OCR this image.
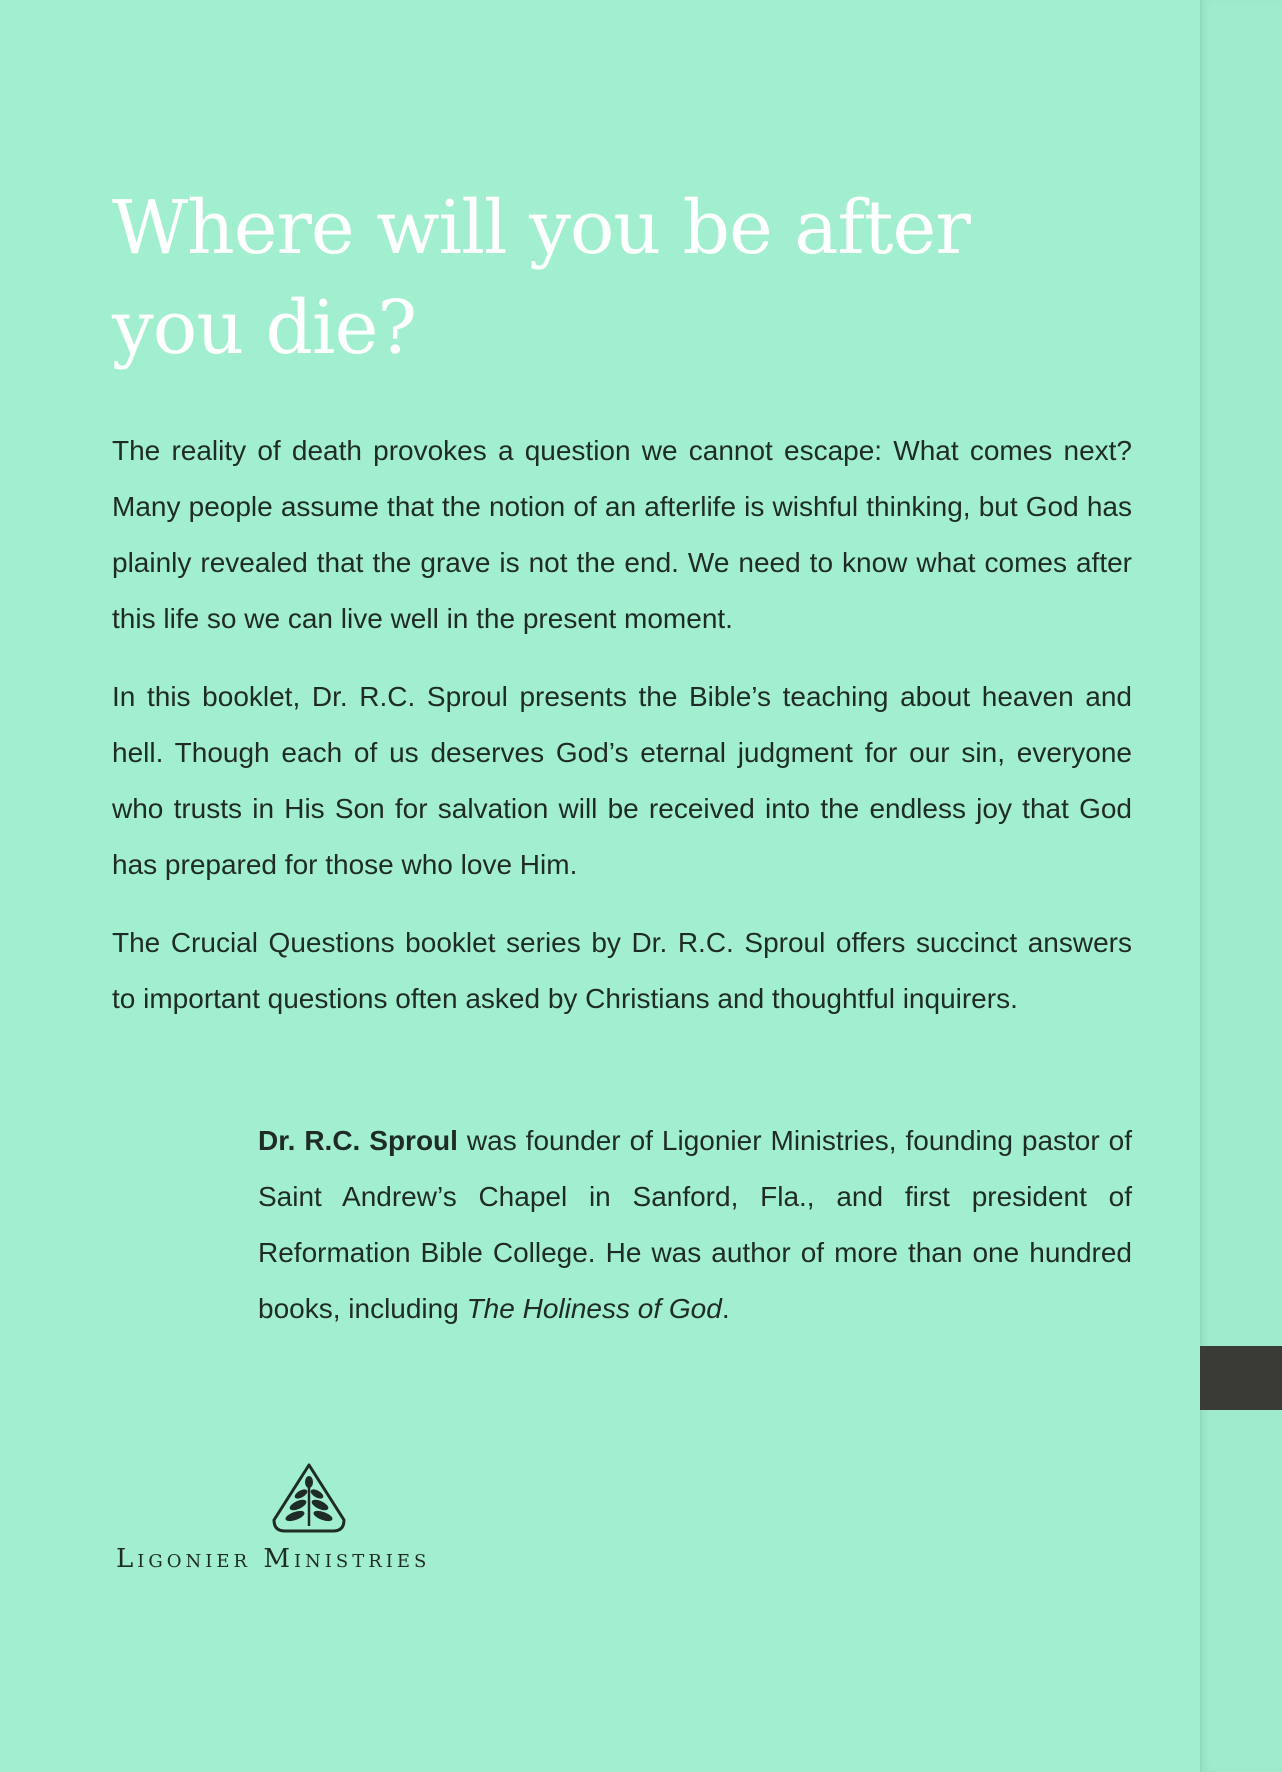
Where will you be after you die?

The reality of death provokes a question we cannot escape: What comes next? Many people assume that the notion of an afterlife is wishful thinking, but God has plainly revealed that the grave is not the end. We need to know what comes after this life so we can live well in the present moment.

In this booklet, Dr. R.C. Sproul presents the Bible’s teaching about heaven and hell. Though each of us deserves God’s eternal judgment for our sin, everyone who trusts in His Son for salvation will be received into the endless joy that God has prepared for those who love Him.

The Crucial Questions booklet series by Dr. R.C. Sproul offers succinct answers to important questions often asked by Christians and thoughtful inquirers.

Dr. R.C. Sproul was founder of Ligonier Ministries, founding pastor of Saint Andrew’s Chapel in Sanford, Fla., and first president of Reformation Bible College. He was author of more than one hundred books, including The Holiness of God.

Ligonier Ministries
